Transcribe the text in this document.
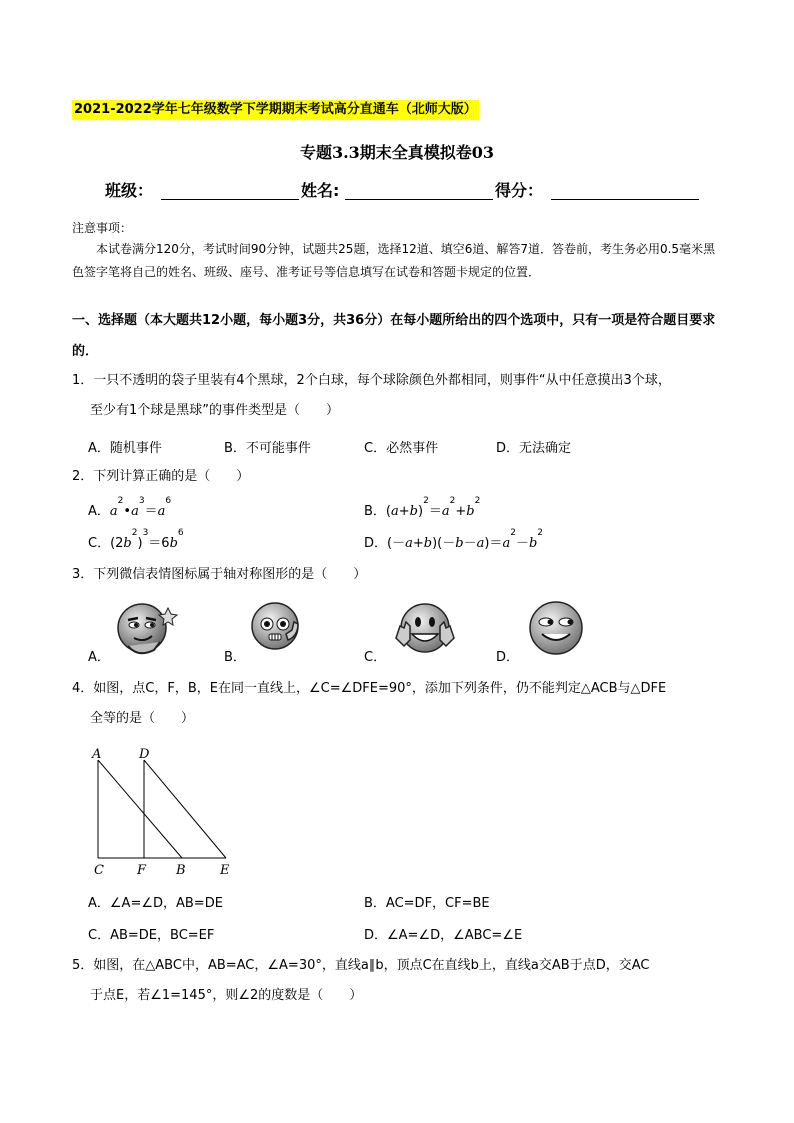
2021-2022学年七年级数学下学期期末考试高分直通车（北师大版）
专题3.3期末全真模拟卷03
班级：	姓名:	得分：
注意事项：
本试卷满分120分，考试时间90分钟，试题共25题，选择12道、填空6道、解答7道．答卷前，考生务必用0.5毫米黑色签字笔将自己的姓名、班级、座号、准考证号等信息填写在试卷和答题卡规定的位置．
一、选择题（本大题共12小题，每小题3分，共36分）在每小题所给出的四个选项中，只有一项是符合题目要求的．
1．一只不透明的袋子里装有4个黑球，2个白球，每个球除颜色外都相同，则事件“从中任意摸出3个球，
至少有1个球是黑球”的事件类型是（　　）
A．随机事件	B．不可能事件	C．必然事件	D．无法确定
2．下列计算正确的是（　　）
A．$a^2•a^3=a^6$
B．$(a+b)^2=a^2+b^2$
C．$(2b^2)^3=6b^6$
D．$(-a+b)(-b-a)=a^2-b^2$
3．下列微信表情图标属于轴对称图形的是（　　）
A．	B．	C．	D．
4．如图，点C，F，B，E在同一直线上，∠C=∠DFE=90°，添加下列条件，仍不能判定△ACB与△DFE
全等的是（　　）
A	D
C	F B	E
A．∠A=∠D，AB=DE	B．AC=DF，CF=BE
C．AB=DE，BC=EF	D．∠A=∠D，∠ABC=∠E
5．如图，在△ABC中，AB=AC，∠A=30°，直线a∥b，顶点C在直线b上，直线a交AB于点D，交AC
于点E，若∠1=145°，则∠2的度数是（　　）
